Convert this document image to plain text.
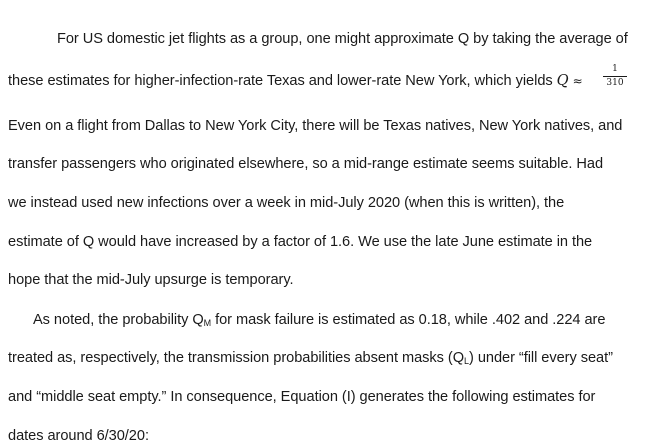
For US domestic jet flights as a group, one might approximate Q by taking the average of
these estimates for higher-infection-rate Texas and lower-rate New York, which yields Q ≈
1
310
Even on a flight from Dallas to New York City, there will be Texas natives, New York natives, and
transfer passengers who originated elsewhere, so a mid-range estimate seems suitable. Had
we instead used new infections over a week in mid-July 2020 (when this is written), the
estimate of Q would have increased by a factor of 1.6. We use the late June estimate in the
hope that the mid-July upsurge is temporary.
As noted, the probability $Q_M$ for mask failure is estimated as 0.18, while .402 and .224 are
treated as, respectively, the transmission probabilities absent masks $(Q_L)$ under “fill every seat”
and “middle seat empty.” In consequence, Equation (I) generates the following estimates for
dates around 6/30/20:
